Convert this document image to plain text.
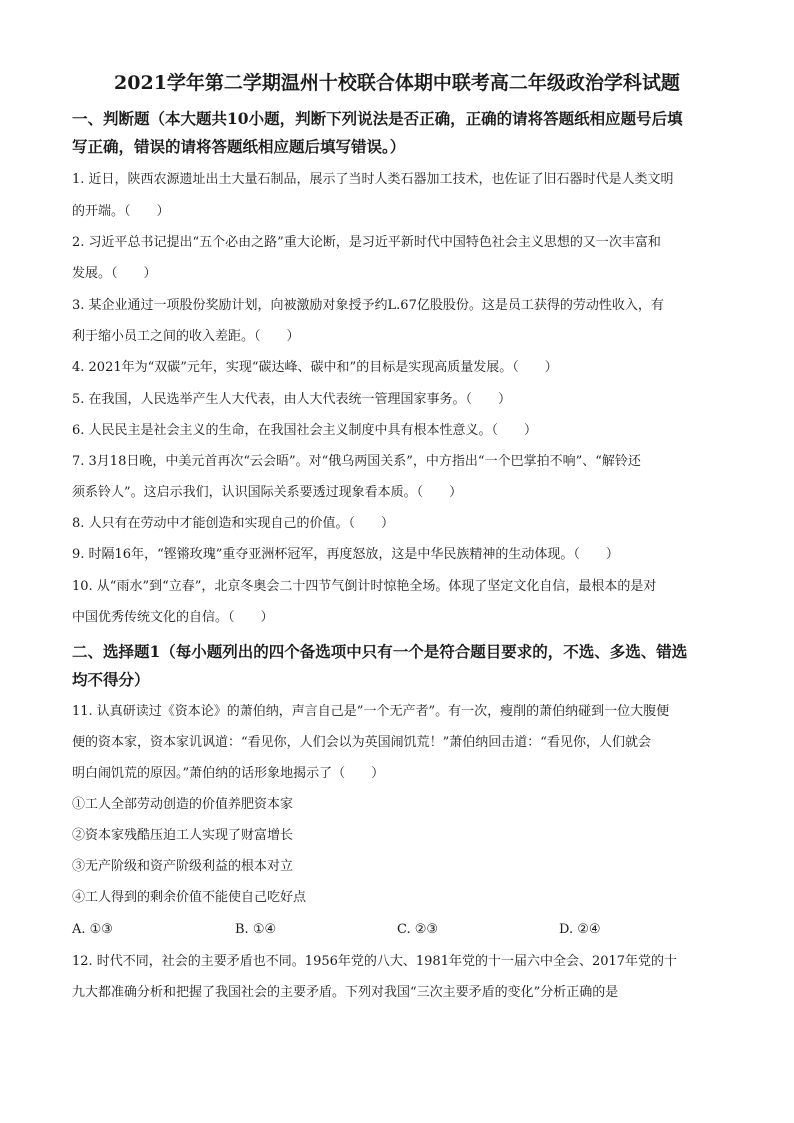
2021学年第二学期温州十校联合体期中联考高二年级政治学科试题
一、判断题（本大题共10小题，判断下列说法是否正确，正确的请将答题纸相应题号后填
写正确，错误的请将答题纸相应题后填写错误。）
1. 近日，陕西农源遗址出土大量石制品，展示了当时人类石器加工技术，也佐证了旧石器时代是人类文明
的开端。（　　）
2. 习近平总书记提出“五个必由之路”重大论断，是习近平新时代中国特色社会主义思想的又一次丰富和
发展。（　　）
3. 某企业通过一项股份奖励计划，向被激励对象授予约L.67亿股股份。这是员工获得的劳动性收入，有
利于缩小员工之间的收入差距。（　　）
4. 2021年为“双碳”元年，实现“碳达峰、碳中和”的目标是实现高质量发展。（　　）
5. 在我国，人民选举产生人大代表，由人大代表统一管理国家事务。（　　）
6. 人民民主是社会主义的生命，在我国社会主义制度中具有根本性意义。（　　）
7. 3月18日晚，中美元首再次“云会晤”。对“俄乌两国关系”，中方指出“一个巴掌拍不响”、“解铃还
须系铃人”。这启示我们，认识国际关系要透过现象看本质。（　　）
8. 人只有在劳动中才能创造和实现自己的价值。（　　）
9. 时隔16年，“铿锵玫瑰”重夺亚洲杯冠军，再度怒放，这是中华民族精神的生动体现。（　　）
10. 从“雨水”到“立春”，北京冬奥会二十四节气倒计时惊艳全场。体现了坚定文化自信，最根本的是对
中国优秀传统文化的自信。（　　）
二、选择题1（每小题列出的四个备选项中只有一个是符合题目要求的，不选、多选、错选
均不得分）
11. 认真研读过《资本论》的萧伯纳，声言自己是”一个无产者”。有一次，瘦削的萧伯纳碰到一位大腹便
便的资本家，资本家讥讽道：“看见你，人们会以为英国闹饥荒！”萧伯纳回击道：“看见你，人们就会
明白闹饥荒的原因。”萧伯纳的话形象地揭示了（　　）
①工人全部劳动创造的价值养肥资本家
②资本家残酷压迫工人实现了财富增长
③无产阶级和资产阶级利益的根本对立
④工人得到的剩余价值不能使自己吃好点
A. ①③	B. ①④	C. ②③	D. ②④
12. 时代不同，社会的主要矛盾也不同。1956年党的八大、1981年党的十一届六中全会、2017年党的十
九大都准确分析和把握了我国社会的主要矛盾。下列对我国“三次主要矛盾的变化”分析正确的是
